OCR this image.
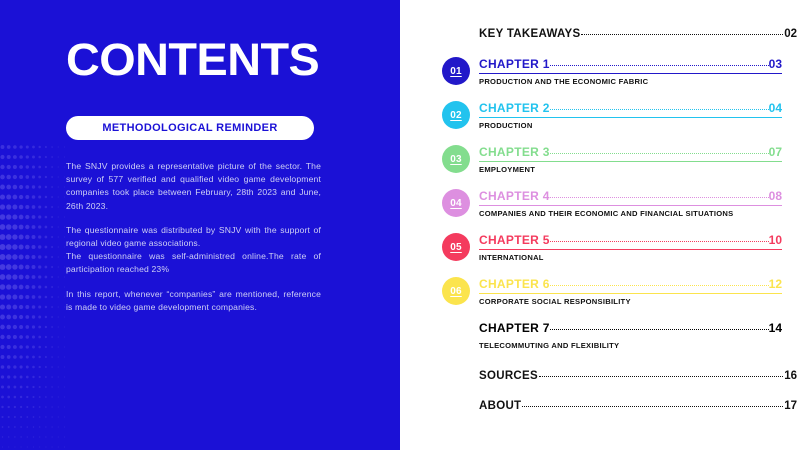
CONTENTS
METHODOLOGICAL REMINDER

The SNJV provides a representative picture of the sector. The survey of 577 verified and qualified video game development companies took place between February, 28th 2023 and June, 26th 2023.

The questionnaire was distributed by SNJV with the support of regional video game associations.
The questionnaire was self-administred online.The rate of participation reached 23%

In this report, whenever “companies” are mentioned, reference is made to video game development companies.

KEY TAKEAWAYS	02
01 CHAPTER 1	03
PRODUCTION AND THE ECONOMIC FABRIC
02 CHAPTER 2	04
PRODUCTION
03 CHAPTER 3	07
EMPLOYMENT
04 CHAPTER 4	08
COMPANIES AND THEIR ECONOMIC AND FINANCIAL SITUATIONS
05 CHAPTER 5	10
INTERNATIONAL
06 CHAPTER 6	12
CORPORATE SOCIAL RESPONSIBILITY
07 CHAPTER 7	14
TELECOMMUTING AND FLEXIBILITY
SOURCES	16
ABOUT	17
